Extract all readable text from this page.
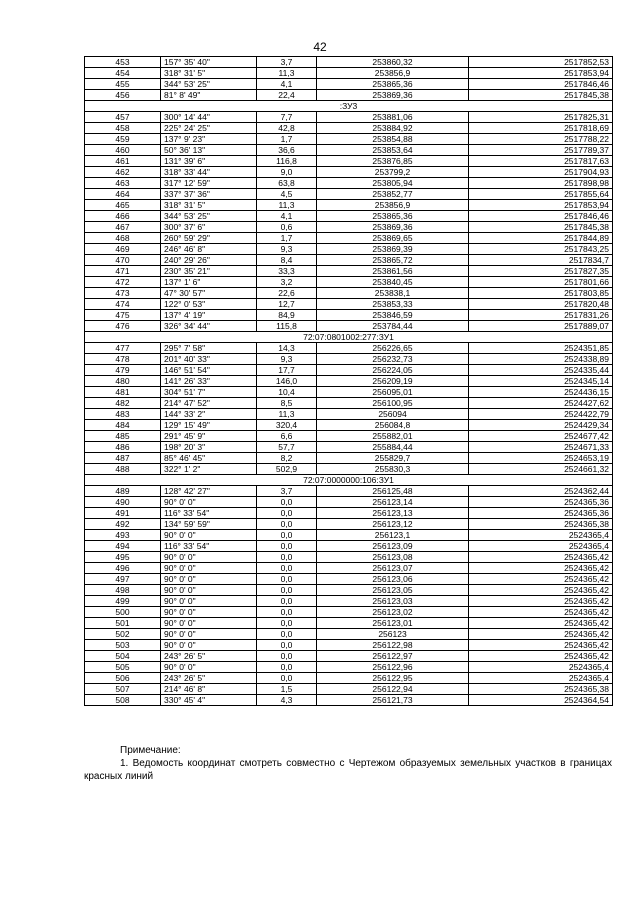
42
453	157° 35' 40"	3,7	253860,32	2517852,53
454	318° 31' 5"	11,3	253856,9	2517853,94
455	344° 53' 25"	4,1	253865,36	2517846,46
456	81° 8' 49"	22,4	253869,36	2517845,38
:ЗУ3				
457	300° 14' 44"	7,7	253881,06	2517825,31
458	225° 24' 25"	42,8	253884,92	2517818,69
459	137° 9' 23"	1,7	253854,88	2517788,22
460	50° 36' 13"	36,6	253853,64	2517789,37
461	131° 39' 6"	116,8	253876,85	2517817,63
462	318° 33' 44"	9,0	253799,2	2517904,93
463	317° 12' 59"	63,8	253805,94	2517898,98
464	337° 37' 36"	4,5	253852,77	2517855,64
465	318° 31' 5"	11,3	253856,9	2517853,94
466	344° 53' 25"	4,1	253865,36	2517846,46
467	300° 37' 6"	0,6	253869,36	2517845,38
468	260° 59' 29"	1,7	253869,65	2517844,89
469	246° 46' 8"	9,3	253869,39	2517843,25
470	240° 29' 26"	8,4	253865,72	2517834,7
471	230° 35' 21"	33,3	253861,56	2517827,35
472	137° 1' 6"	3,2	253840,45	2517801,66
473	47° 30' 57"	22,6	253838,1	2517803,85
474	122° 0' 53"	12,7	253853,33	2517820,48
475	137° 4' 19"	84,9	253846,59	2517831,26
476	326° 34' 44"	115,8	253784,44	2517889,07
72:07:0801002:277:ЗУ1				
477	295° 7' 58"	14,3	256226,65	2524351,85
478	201° 40' 33"	9,3	256232,73	2524338,89
479	146° 51' 54"	17,7	256224,05	2524335,44
480	141° 26' 33"	146,0	256209,19	2524345,14
481	304° 51' 7"	10,4	256095,01	2524436,15
482	214° 47' 52"	8,5	256100,95	2524427,62
483	144° 33' 2"	11,3	256094	2524422,79
484	129° 15' 49"	320,4	256084,8	2524429,34
485	291° 45' 9"	6,6	255882,01	2524677,42
486	198° 20' 3"	57,7	255884,44	2524671,33
487	85° 46' 45"	8,2	255829,7	2524653,19
488	322° 1' 2"	502,9	255830,3	2524661,32
72:07:0000000:106:ЗУ1				
489	128° 42' 27"	3,7	256125,48	2524362,44
490	90° 0' 0"	0,0	256123,14	2524365,36
491	116° 33' 54"	0,0	256123,13	2524365,36
492	134° 59' 59"	0,0	256123,12	2524365,38
493	90° 0' 0"	0,0	256123,1	2524365,4
494	116° 33' 54"	0,0	256123,09	2524365,4
495	90° 0' 0"	0,0	256123,08	2524365,42
496	90° 0' 0"	0,0	256123,07	2524365,42
497	90° 0' 0"	0,0	256123,06	2524365,42
498	90° 0' 0"	0,0	256123,05	2524365,42
499	90° 0' 0"	0,0	256123,03	2524365,42
500	90° 0' 0"	0,0	256123,02	2524365,42
501	90° 0' 0"	0,0	256123,01	2524365,42
502	90° 0' 0"	0,0	256123	2524365,42
503	90° 0' 0"	0,0	256122,98	2524365,42
504	243° 26' 5"	0,0	256122,97	2524365,42
505	90° 0' 0"	0,0	256122,96	2524365,4
506	243° 26' 5"	0,0	256122,95	2524365,4
507	214° 46' 8"	1,5	256122,94	2524365,38
508	330° 45' 4"	4,3	256121,73	2524364,54
Примечание:
1. Ведомость координат смотреть совместно с Чертежом образуемых земельных участков в границах красных линий
